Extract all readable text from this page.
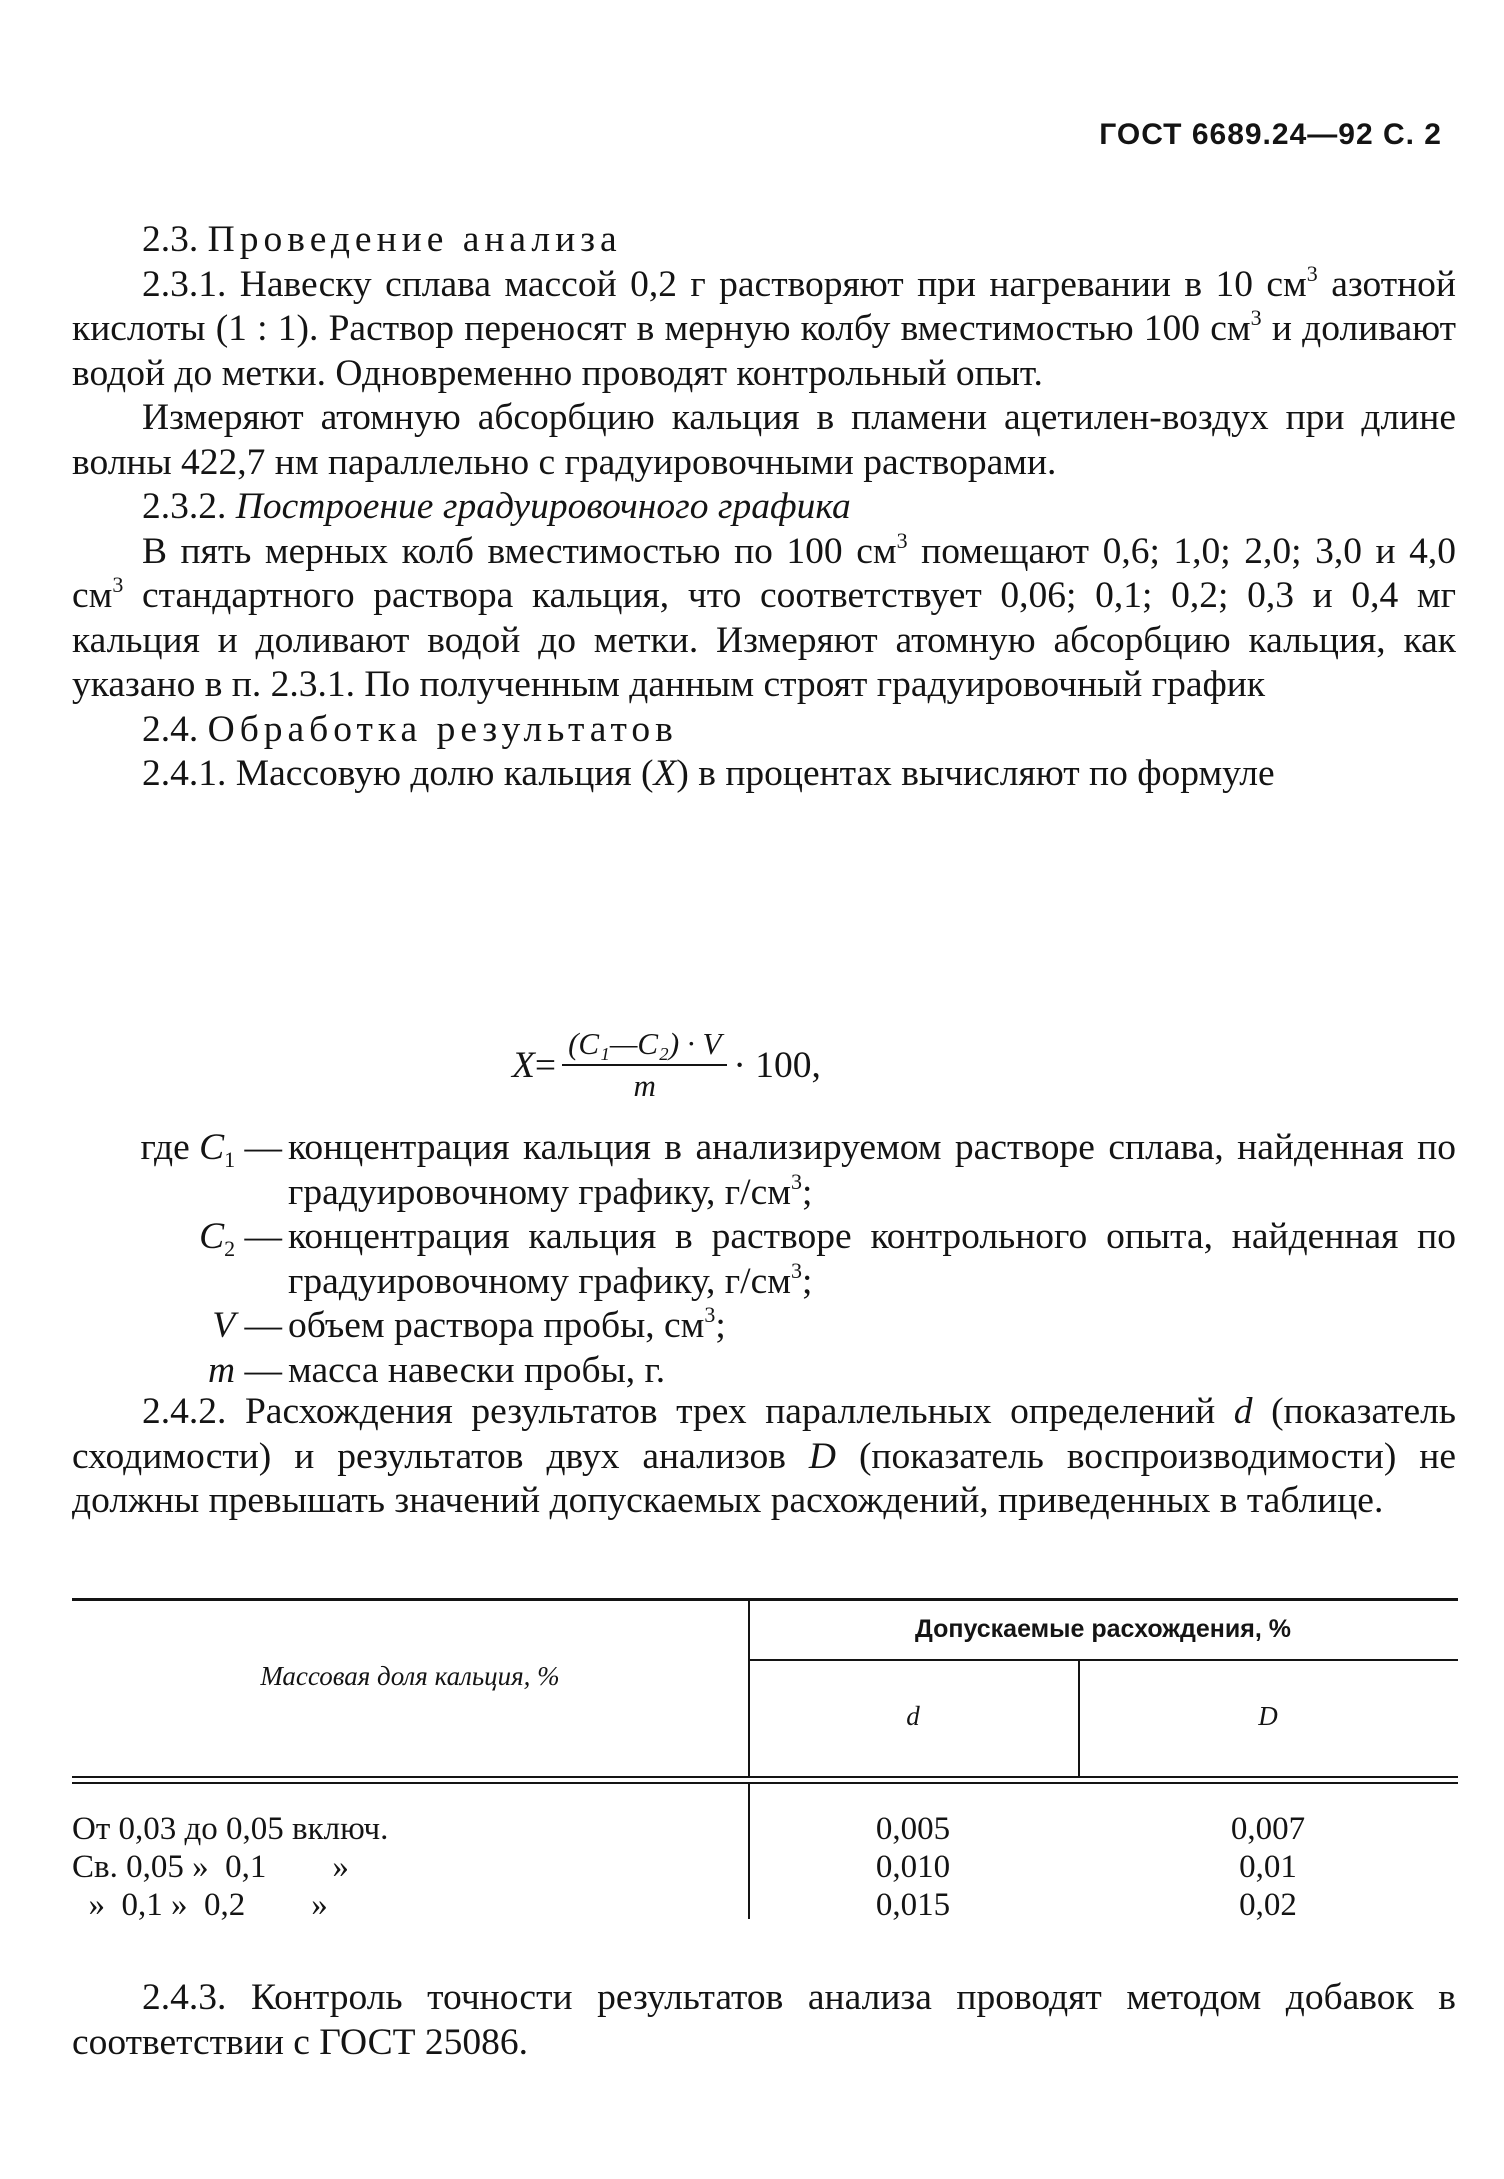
ГОСТ 6689.24—92 С. 2

2.3. Проведение анализа

2.3.1. Навеску сплава массой 0,2 г растворяют при нагревании в 10 $см^3$ азотной кислоты (1 : 1). Раствор переносят в мерную колбу вместимостью 100 $см^3$ и доливают водой до метки. Одновременно проводят контрольный опыт.

Измеряют атомную абсорбцию кальция в пламени ацетилен-воздух при длине волны 422,7 нм параллельно с градуировочными растворами.

2.3.2. Построение градуировочного графика

В пять мерных колб вместимостью по 100 $см^3$ помещают 0,6; 1,0; 2,0; 3,0 и 4,0 $см^3$ стандартного раствора кальция, что соответствует 0,06; 0,1; 0,2; 0,3 и 0,4 мг кальция и доливают водой до метки. Измеряют атомную абсорбцию кальция, как указано в п. 2.3.1. По полученным данным строят градуировочный график

2.4. Обработка результатов

2.4.1. Массовую долю кальция (X) в процентах вычисляют по формуле

$X = \frac{\text{(C₁—C₂) · V}}{m} \cdot 100$,
где $C_1$ — концентрация кальция в анализируемом растворе сплава, найденная по градуировочному графику, $г/см^3$;
$C_2$ — концентрация кальция в растворе контрольного опыта, найденная по градуировочному графику, $г/см^3$;
V — объем раствора пробы, $см^3$;
m — масса навески пробы, г.

2.4.2. Расхождения результатов трех параллельных определений d (показатель сходимости) и результатов двух анализов D (показатель воспроизводимости) не должны превышать значений допускаемых расхождений, приведенных в таблице.

Массовая доля кальция, %
Допускаемые расхождения, %
d	D
От 0,03 до 0,05 включ.	0,005	0,007
Св. 0,05 »  0,1        »	0,010	0,01
»  0,1 »  0,2        »	0,015	0,02

2.4.3. Контроль точности результатов анализа проводят методом добавок в соответствии с ГОСТ 25086.
